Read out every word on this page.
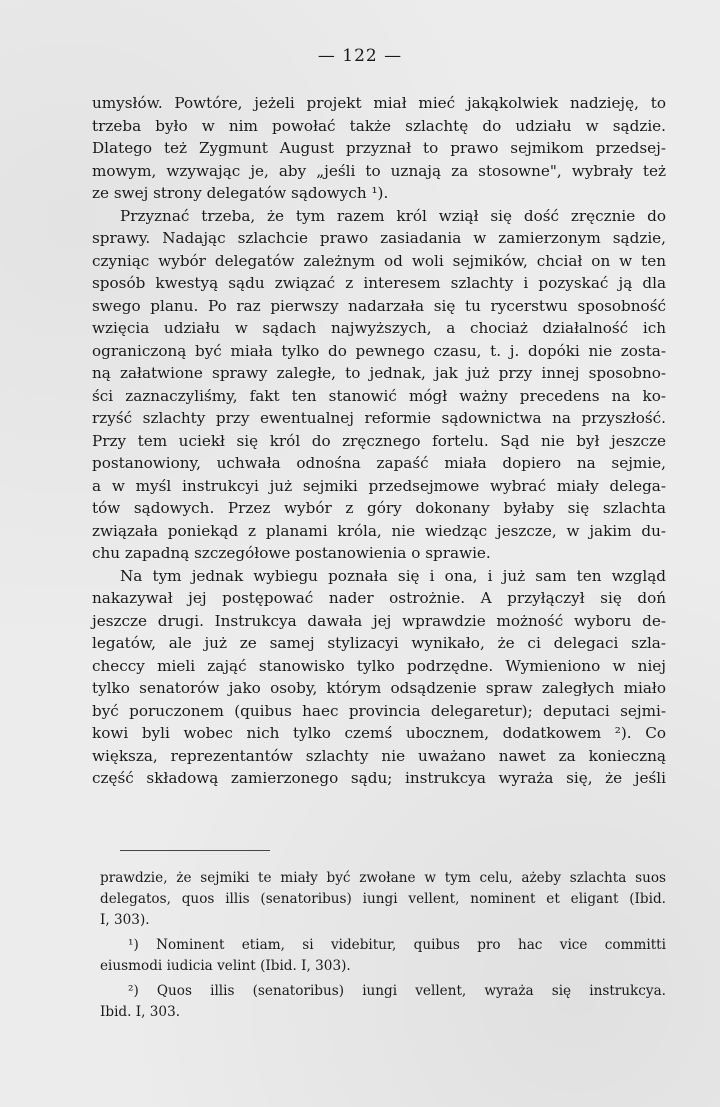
— 122 —

umysłów. Powtóre, jeżeli projekt miał mieć jakąkolwiek nadzieję, to
trzeba było w nim powołać także szlachtę do udziału w sądzie.
Dlatego też Zygmunt August przyznał to prawo sejmikom przedsej-
mowym, wzywając je, aby „jeśli to uznają za stosowne", wybrały też
ze swej strony delegatów sądowych ¹).

Przyznać trzeba, że tym razem król wziął się dość zręcznie do
sprawy. Nadając szlachcie prawo zasiadania w zamierzonym sądzie,
czyniąc wybór delegatów zależnym od woli sejmików, chciał on w ten
sposób kwestyą sądu związać z interesem szlachty i pozyskać ją dla
swego planu. Po raz pierwszy nadarzała się tu rycerstwu sposobność
wzięcia udziału w sądach najwyższych, a chociaż działalność ich
ograniczoną być miała tylko do pewnego czasu, t. j. dopóki nie zosta-
ną załatwione sprawy zaległe, to jednak, jak już przy innej sposobno-
ści zaznaczyliśmy, fakt ten stanowić mógł ważny precedens na ko-
rzyść szlachty przy ewentualnej reformie sądownictwa na przyszłość.
Przy tem uciekł się król do zręcznego fortelu. Sąd nie był jeszcze
postanowiony, uchwała odnośna zapaść miała dopiero na sejmie,
a w myśl instrukcyi już sejmiki przedsejmowe wybrać miały delega-
tów sądowych. Przez wybór z góry dokonany byłaby się szlachta
związała poniekąd z planami króla, nie wiedząc jeszcze, w jakim du-
chu zapadną szczegółowe postanowienia o sprawie.

Na tym jednak wybiegu poznała się i ona, i już sam ten wzgląd
nakazywał jej postępować nader ostrożnie. A przyłączył się doń
jeszcze drugi. Instrukcya dawała jej wprawdzie możność wyboru de-
legatów, ale już ze samej stylizacyi wynikało, że ci delegaci szla-
checcy mieli zająć stanowisko tylko podrzędne. Wymieniono w niej
tylko senatorów jako osoby, którym odsądzenie spraw zaległych miało
być poruczonem (quibus haec provincia delegaretur); deputaci sejmi-
kowi byli wobec nich tylko czemś ubocznem, dodatkowem ²). Co
większa, reprezentantów szlachty nie uważano nawet za konieczną
część składową zamierzonego sądu; instrukcya wyraża się, że jeśli

prawdzie, że sejmiki te miały być zwołane w tym celu, ażeby szlachta suos
delegatos, quos illis (senatoribus) iungi vellent, nominent et eligant (Ibid.
I, 303).
¹) Nominent etiam, si videbitur, quibus pro hac vice committi
eiusmodi iudicia velint (Ibid. I, 303).
²) Quos illis (senatoribus) iungi vellent, wyraża się instrukcya.
Ibid. I, 303.
